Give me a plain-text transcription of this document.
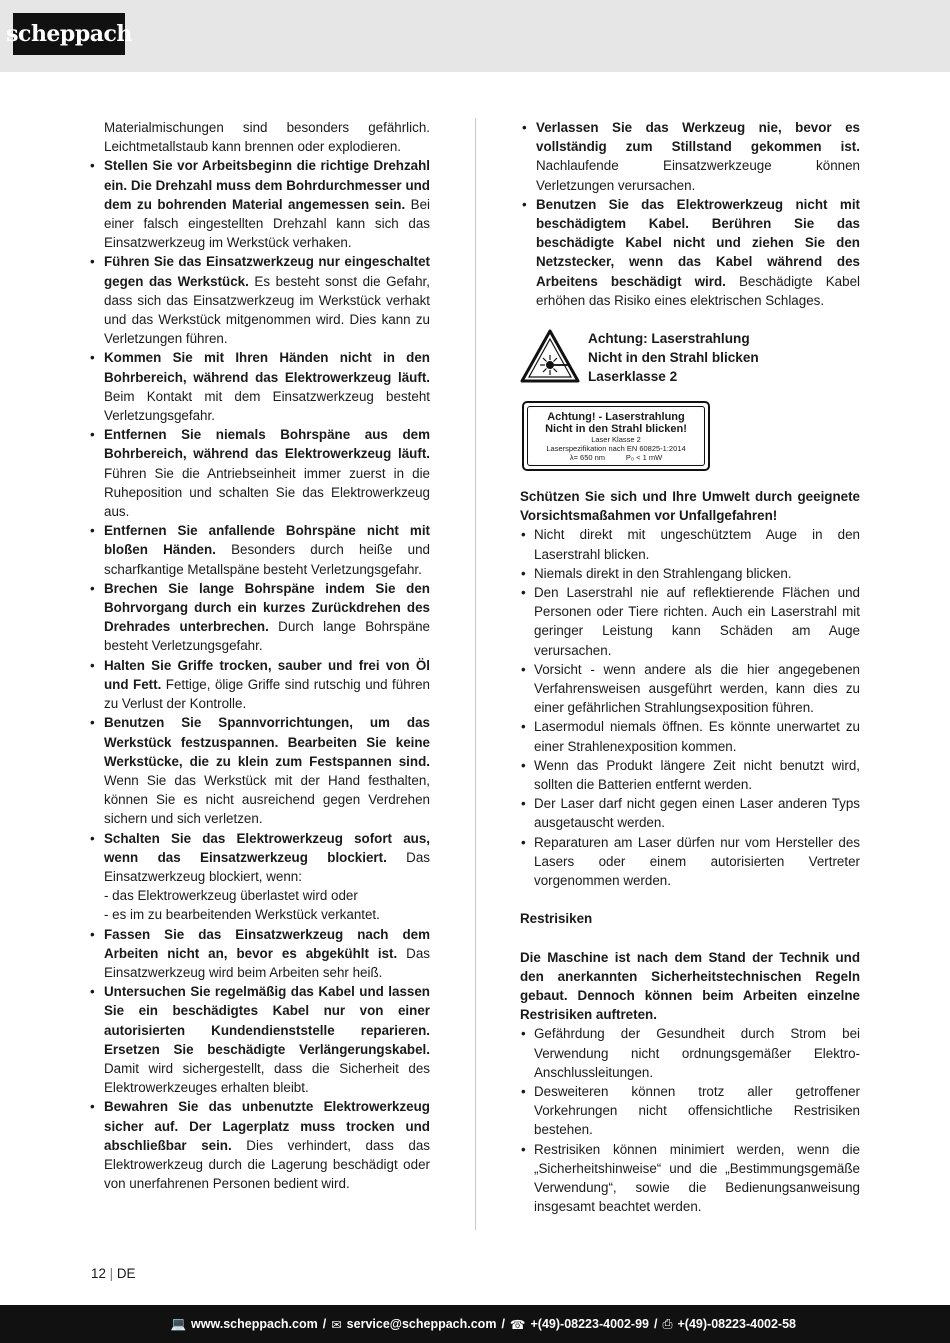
scheppach

Materialmischungen sind besonders gefährlich. Leichtmetallstaub kann brennen oder explodieren.

• Stellen Sie vor Arbeitsbeginn die richtige Drehzahl ein. Die Drehzahl muss dem Bohrdurchmesser und dem zu bohrenden Material angemessen sein. Bei einer falsch eingestellten Drehzahl kann sich das Einsatzwerkzeug im Werkstück verhaken.
• Führen Sie das Einsatzwerkzeug nur eingeschaltet gegen das Werkstück. Es besteht sonst die Gefahr, dass sich das Einsatzwerkzeug im Werkstück verhakt und das Werkstück mitgenommen wird. Dies kann zu Verletzungen führen.
• Kommen Sie mit Ihren Händen nicht in den Bohrbereich, während das Elektrowerkzeug läuft. Beim Kontakt mit dem Einsatzwerkzeug besteht Verletzungsgefahr.
• Entfernen Sie niemals Bohrspäne aus dem Bohrbereich, während das Elektrowerkzeug läuft. Führen Sie die Antriebseinheit immer zuerst in die Ruheposition und schalten Sie das Elektrowerkzeug aus.
• Entfernen Sie anfallende Bohrspäne nicht mit bloßen Händen. Besonders durch heiße und scharfkantige Metallspäne besteht Verletzungsgefahr.
• Brechen Sie lange Bohrspäne indem Sie den Bohrvorgang durch ein kurzes Zurückdrehen des Drehrades unterbrechen. Durch lange Bohrspäne besteht Verletzungsgefahr.
• Halten Sie Griffe trocken, sauber und frei von Öl und Fett. Fettige, ölige Griffe sind rutschig und führen zu Verlust der Kontrolle.
• Benutzen Sie Spannvorrichtungen, um das Werkstück festzuspannen. Bearbeiten Sie keine Werkstücke, die zu klein zum Festspannen sind. Wenn Sie das Werkstück mit der Hand festhalten, können Sie es nicht ausreichend gegen Verdrehen sichern und sich verletzen.
• Schalten Sie das Elektrowerkzeug sofort aus, wenn das Einsatzwerkzeug blockiert. Das Einsatzwerkzeug blockiert, wenn:
- das Elektrowerkzeug überlastet wird oder
- es im zu bearbeitenden Werkstück verkantet.
• Fassen Sie das Einsatzwerkzeug nach dem Arbeiten nicht an, bevor es abgekühlt ist. Das Einsatzwerkzeug wird beim Arbeiten sehr heiß.
• Untersuchen Sie regelmäßig das Kabel und lassen Sie ein beschädigtes Kabel nur von einer autorisierten Kundendienststelle reparieren. Ersetzen Sie beschädigte Verlängerungskabel. Damit wird sichergestellt, dass die Sicherheit des Elektrowerkzeuges erhalten bleibt.
• Bewahren Sie das unbenutzte Elektrowerkzeug sicher auf. Der Lagerplatz muss trocken und abschließbar sein. Dies verhindert, dass das Elektrowerkzeug durch die Lagerung beschädigt oder von unerfahrenen Personen bedient wird.
• Verlassen Sie das Werkzeug nie, bevor es vollständig zum Stillstand gekommen ist. Nachlaufende Einsatzwerkzeuge können Verletzungen verursachen.
• Benutzen Sie das Elektrowerkzeug nicht mit beschädigtem Kabel. Berühren Sie das beschädigte Kabel nicht und ziehen Sie den Netzstecker, wenn das Kabel während des Arbeitens beschädigt wird. Beschädigte Kabel erhöhen das Risiko eines elektrischen Schlages.
Achtung: Laserstrahlung
Nicht in den Strahl blicken
Laserklasse 2
Achtung! - Laserstrahlung
Nicht in den Strahl blicken!
Laser Klasse 2
Laserspezifikation nach EN 60825-1:2014
λ= 650 nm	P₀ < 1 mW

Schützen Sie sich und Ihre Umwelt durch geeignete Vorsichtsmaßahmen vor Unfallgefahren!

• Nicht direkt mit ungeschütztem Auge in den Laserstrahl blicken.
• Niemals direkt in den Strahlengang blicken.
• Den Laserstrahl nie auf reflektierende Flächen und Personen oder Tiere richten. Auch ein Laserstrahl mit geringer Leistung kann Schäden am Auge verursachen.
• Vorsicht - wenn andere als die hier angegebenen Verfahrensweisen ausgeführt werden, kann dies zu einer gefährlichen Strahlungsexposition führen.
• Lasermodul niemals öffnen. Es könnte unerwartet zu einer Strahlenexposition kommen.
• Wenn das Produkt längere Zeit nicht benutzt wird, sollten die Batterien entfernt werden.
• Der Laser darf nicht gegen einen Laser anderen Typs ausgetauscht werden.
• Reparaturen am Laser dürfen nur vom Hersteller des Lasers oder einem autorisierten Vertreter vorgenommen werden.

Restrisiken

Die Maschine ist nach dem Stand der Technik und den anerkannten Sicherheitstechnischen Regeln gebaut. Dennoch können beim Arbeiten einzelne Restrisiken auftreten.

• Gefährdung der Gesundheit durch Strom bei Verwendung nicht ordnungsgemäßer Elektro-Anschlussleitungen.
• Desweiteren können trotz aller getroffener Vorkehrungen nicht offensichtliche Restrisiken bestehen.
• Restrisiken können minimiert werden, wenn die „Sicherheitshinweise“ und die „Bestimmungsgemäße Verwendung“, sowie die Bedienungsanweisung insgesamt beachtet werden.
12 | DE
💻 www.scheppach.com / ✉ service@scheppach.com / ☎ +(49)-08223-4002-99 / ⎙ +(49)-08223-4002-58
